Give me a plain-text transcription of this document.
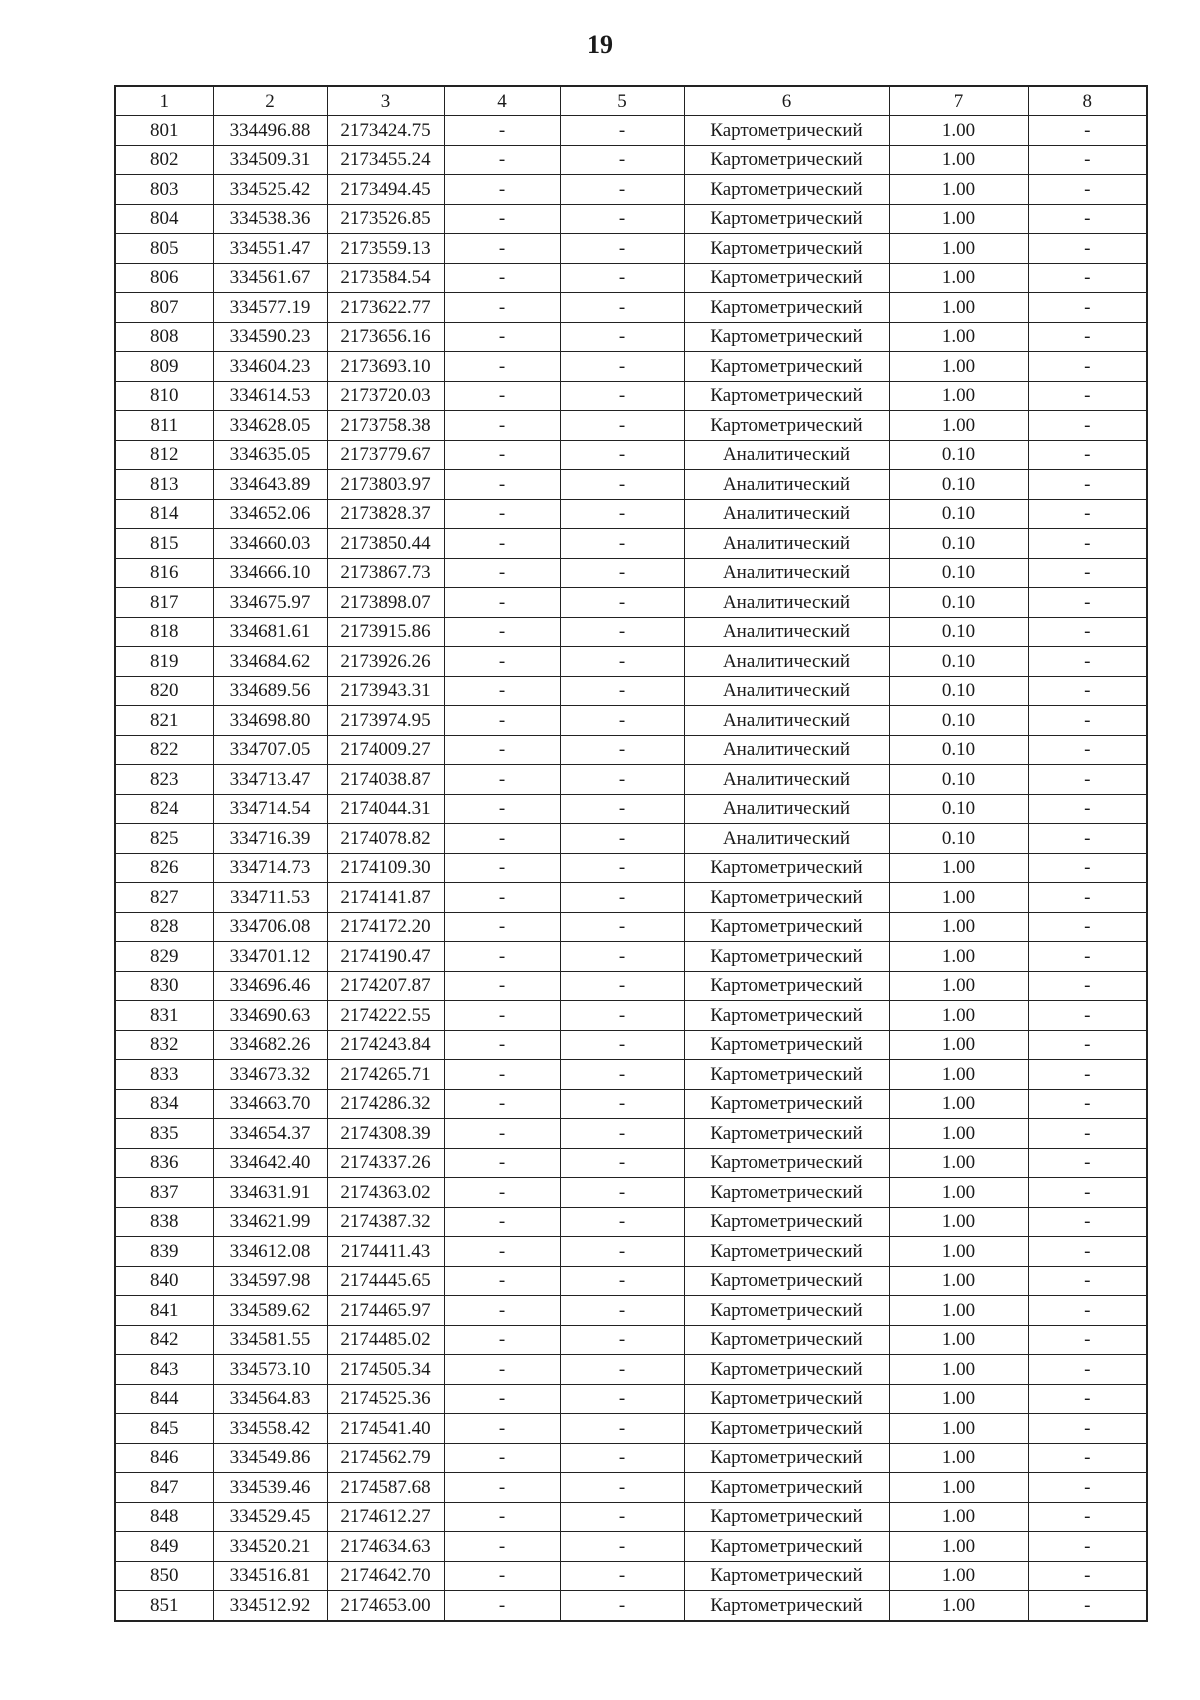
19
1	2	3	4	5	6	7	8
801	334496.88	2173424.75	-	-	Картометрический	1.00	-
802	334509.31	2173455.24	-	-	Картометрический	1.00	-
803	334525.42	2173494.45	-	-	Картометрический	1.00	-
804	334538.36	2173526.85	-	-	Картометрический	1.00	-
805	334551.47	2173559.13	-	-	Картометрический	1.00	-
806	334561.67	2173584.54	-	-	Картометрический	1.00	-
807	334577.19	2173622.77	-	-	Картометрический	1.00	-
808	334590.23	2173656.16	-	-	Картометрический	1.00	-
809	334604.23	2173693.10	-	-	Картометрический	1.00	-
810	334614.53	2173720.03	-	-	Картометрический	1.00	-
811	334628.05	2173758.38	-	-	Картометрический	1.00	-
812	334635.05	2173779.67	-	-	Аналитический	0.10	-
813	334643.89	2173803.97	-	-	Аналитический	0.10	-
814	334652.06	2173828.37	-	-	Аналитический	0.10	-
815	334660.03	2173850.44	-	-	Аналитический	0.10	-
816	334666.10	2173867.73	-	-	Аналитический	0.10	-
817	334675.97	2173898.07	-	-	Аналитический	0.10	-
818	334681.61	2173915.86	-	-	Аналитический	0.10	-
819	334684.62	2173926.26	-	-	Аналитический	0.10	-
820	334689.56	2173943.31	-	-	Аналитический	0.10	-
821	334698.80	2173974.95	-	-	Аналитический	0.10	-
822	334707.05	2174009.27	-	-	Аналитический	0.10	-
823	334713.47	2174038.87	-	-	Аналитический	0.10	-
824	334714.54	2174044.31	-	-	Аналитический	0.10	-
825	334716.39	2174078.82	-	-	Аналитический	0.10	-
826	334714.73	2174109.30	-	-	Картометрический	1.00	-
827	334711.53	2174141.87	-	-	Картометрический	1.00	-
828	334706.08	2174172.20	-	-	Картометрический	1.00	-
829	334701.12	2174190.47	-	-	Картометрический	1.00	-
830	334696.46	2174207.87	-	-	Картометрический	1.00	-
831	334690.63	2174222.55	-	-	Картометрический	1.00	-
832	334682.26	2174243.84	-	-	Картометрический	1.00	-
833	334673.32	2174265.71	-	-	Картометрический	1.00	-
834	334663.70	2174286.32	-	-	Картометрический	1.00	-
835	334654.37	2174308.39	-	-	Картометрический	1.00	-
836	334642.40	2174337.26	-	-	Картометрический	1.00	-
837	334631.91	2174363.02	-	-	Картометрический	1.00	-
838	334621.99	2174387.32	-	-	Картометрический	1.00	-
839	334612.08	2174411.43	-	-	Картометрический	1.00	-
840	334597.98	2174445.65	-	-	Картометрический	1.00	-
841	334589.62	2174465.97	-	-	Картометрический	1.00	-
842	334581.55	2174485.02	-	-	Картометрический	1.00	-
843	334573.10	2174505.34	-	-	Картометрический	1.00	-
844	334564.83	2174525.36	-	-	Картометрический	1.00	-
845	334558.42	2174541.40	-	-	Картометрический	1.00	-
846	334549.86	2174562.79	-	-	Картометрический	1.00	-
847	334539.46	2174587.68	-	-	Картометрический	1.00	-
848	334529.45	2174612.27	-	-	Картометрический	1.00	-
849	334520.21	2174634.63	-	-	Картометрический	1.00	-
850	334516.81	2174642.70	-	-	Картометрический	1.00	-
851	334512.92	2174653.00	-	-	Картометрический	1.00	-
